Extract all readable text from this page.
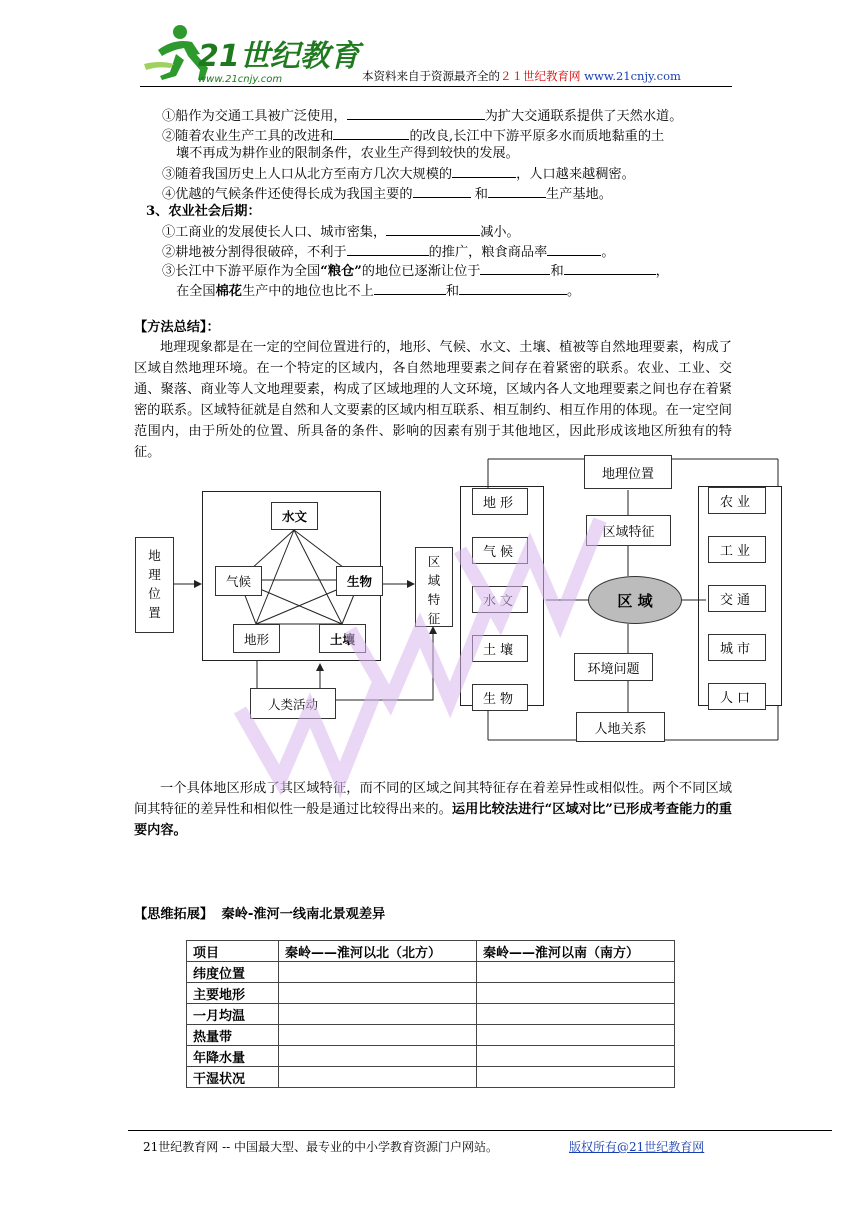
21世纪教育
www.21cnjy.com	本资料来自于资源最齐全的２１世纪教育网 www.21cnjy.com
①船作为交通工具被广泛使用，	为扩大交通联系提供了天然水道。
②随着农业生产工具的改进和	的改良,长江中下游平原多水而质地黏重的土
壤不再成为耕作业的限制条件，农业生产得到较快的发展。
③随着我国历史上人口从北方至南方几次大规模的	，人口越来越稠密。
④优越的气候条件还使得长成为我国主要的	和	生产基地。
3、农业社会后期：
①工商业的发展使长人口、城市密集，	减小。
②耕地被分割得很破碎，不利于	的推广，粮食商品率	。
③长江中下游平原作为全国“粮仓”的地位已逐渐让位于	和	，
在全国棉花生产中的地位也比不上	和	。
【方法总结】：
地理现象都是在一定的空间位置进行的，地形、气候、水文、土壤、植被等自然地理要素，构成了区域自然地理环境。在一个特定的区域内，各自然地理要素之间存在着紧密的联系。农业、工业、交通、聚落、商业等人文地理要素，构成了区域地理的人文环境，区域内各人文地理要素之间也存在着紧密的联系。区域特征就是自然和人文要素的区域内相互联系、相互制约、相互作用的体现。在一定空间范围内，由于所处的位置、所具备的条件、影响的因素有别于其他地区，因此形成该地区所独有的特征。
地理位置
水文
气候	生物
地形	土壤
区域特征
人类活动
地理位置
区域特征
区 域
环境问题
人地关系
地形
气候
水文
土壤
生物
农业
工业
交通
城市
人口
一个具体地区形成了其区域特征，而不同的区域之间其特征存在着差异性或相似性。两个不同区域间其特征的差异性和相似性一般是通过比较得出来的。运用比较法进行“区域对比”已形成考查能力的重要内容。
【思维拓展】 秦岭-淮河一线南北景观差异
项目	秦岭——淮河以北（北方）	秦岭——淮河以南（南方）
纬度位置		
主要地形		
一月均温		
热量带		
年降水量		
干湿状况		
21世纪教育网 -- 中国最大型、最专业的中小学教育资源门户网站。	版权所有@21世纪教育网
